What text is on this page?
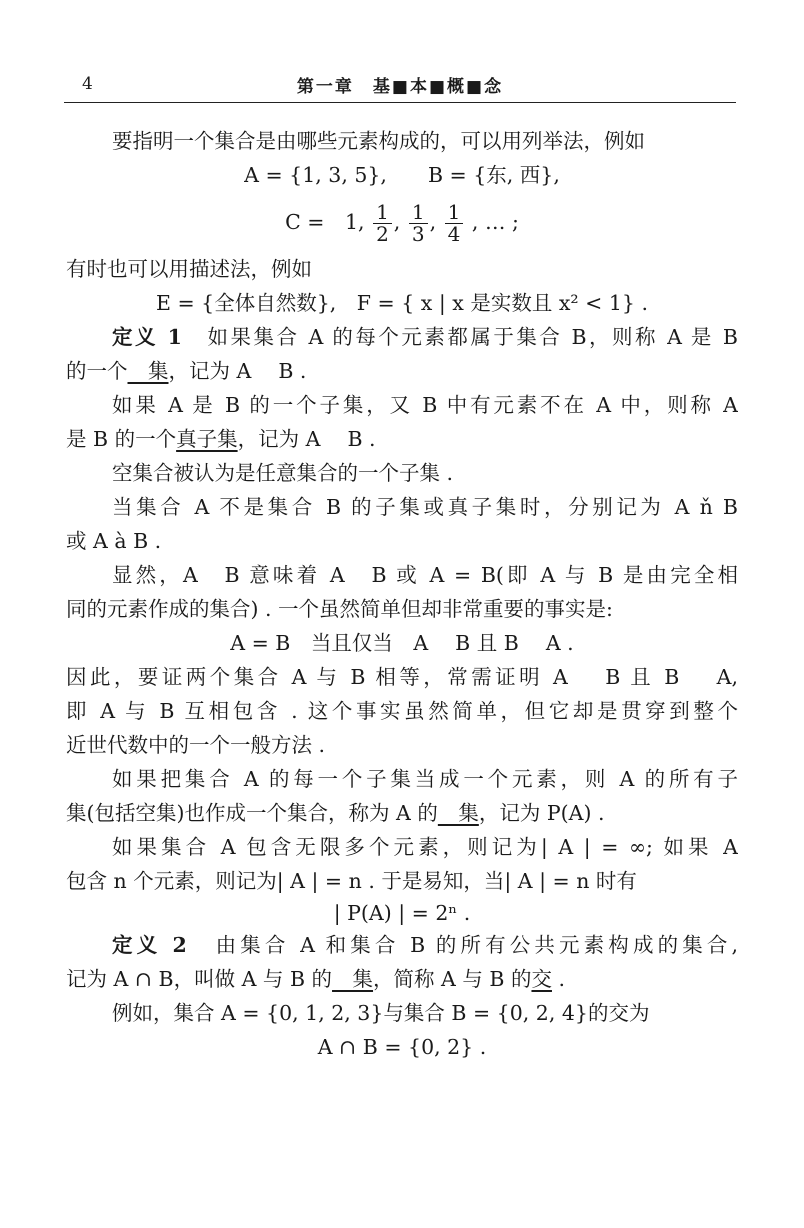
4	第一章　基■本■概■念
要指明一个集合是由哪些元素构成的，可以用列举法，例如
A = {1, 3, 5},　　B = {东, 西},
C =　1, $\frac{1}{2}$ , $\frac{1}{3}$ , $\frac{1}{4}$ , … ;
有时也可以用描述法，例如
E = {全体自然数},　F = { x | x 是实数且 x² < 1} .
定义 1　如果集合 A 的每个元素都属于集合 B，则称 A 是 B
的一个　集，记为 A　 B .
如果 A 是 B 的一个子集，又 B 中有元素不在 A 中，则称 A
是 B 的一个真子集，记为 A　 B .
空集合被认为是任意集合的一个子集 .
当集合 A 不是集合 B 的子集或真子集时，分别记为 A ň B
或 A à B .
显然，A　B 意味着 A　B 或 A = B(即 A 与 B 是由完全相
同的元素作成的集合) . 一个虽然简单但却非常重要的事实是:
A = B　当且仅当　A　 B 且 B　 A .
因此，要证两个集合 A 与 B 相等，常需证明 A　 B 且 B　 A,
即 A 与 B 互相包含 . 这个事实虽然简单，但它却是贯穿到整个
近世代数中的一个一般方法 .
如果把集合 A 的每一个子集当成一个元素，则 A 的所有子
集(包括空集)也作成一个集合，称为 A 的　集，记为 P(A) .
如果集合 A 包含无限多个元素，则记为| A | = ∞; 如果 A
包含 n 个元素，则记为| A | = n . 于是易知，当| A | = n 时有
| P(A) | = 2ⁿ .
定义 2　由集合 A 和集合 B 的所有公共元素构成的集合,
记为 A ∩ B，叫做 A 与 B 的　集，简称 A 与 B 的交 .
例如，集合 A = {0, 1, 2, 3}与集合 B = {0, 2, 4}的交为
A ∩ B = {0, 2} .
